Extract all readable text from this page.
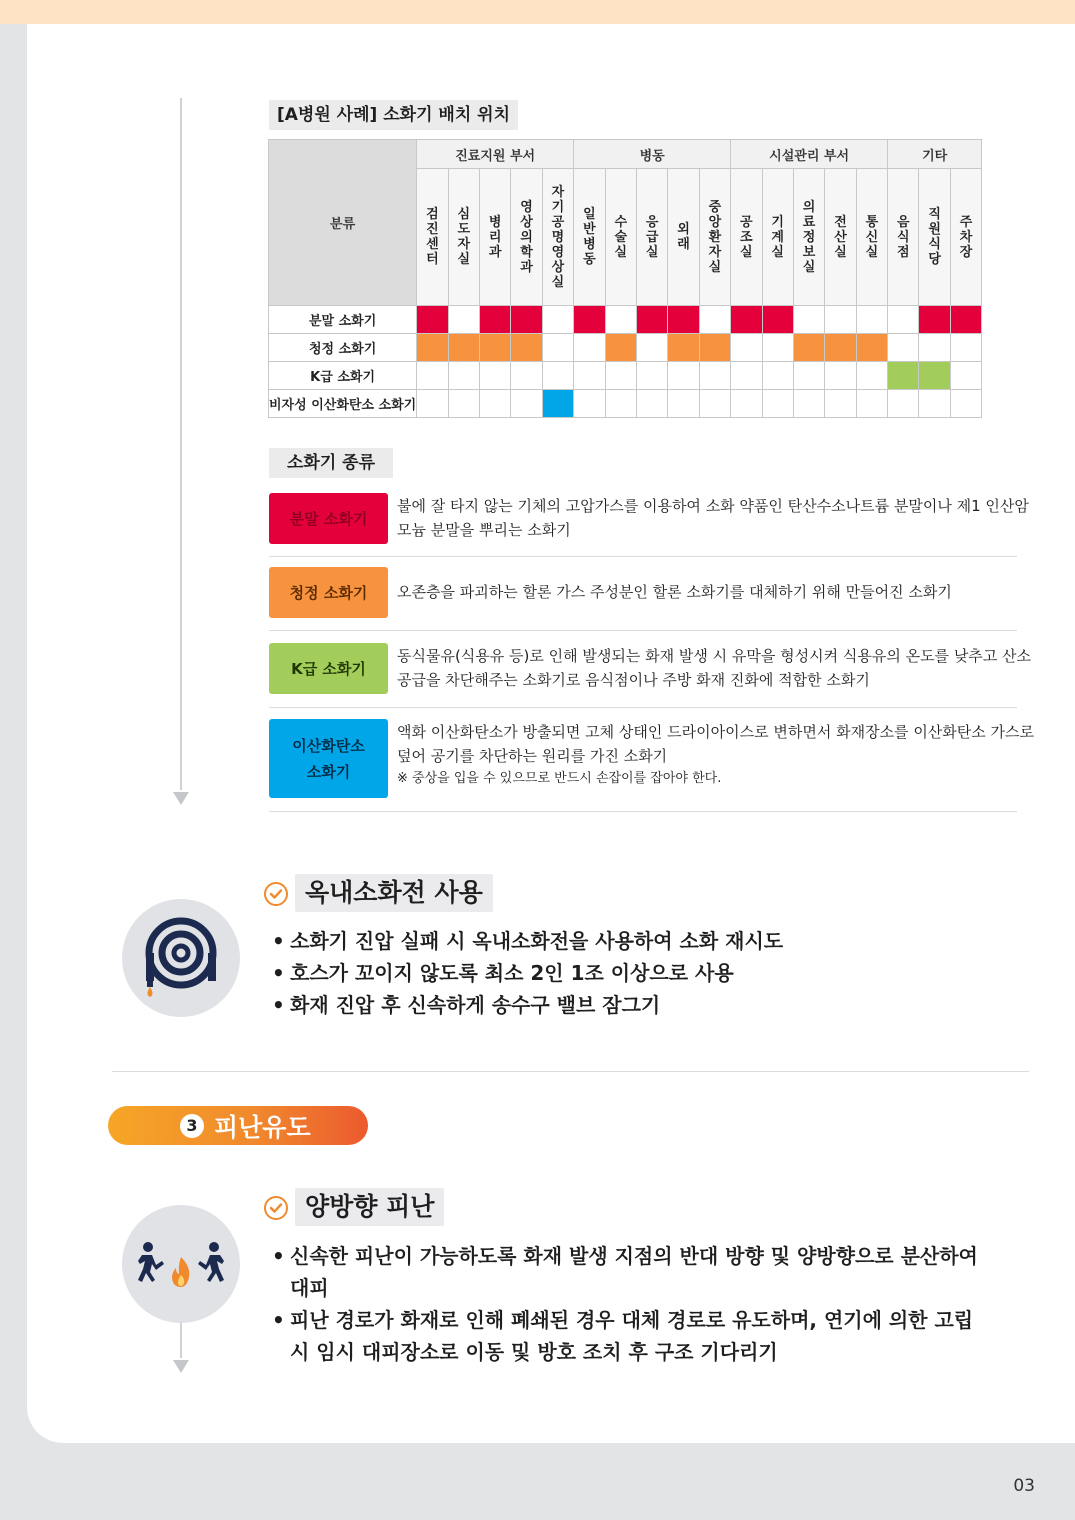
[A병원 사례] 소화기 배치 위치
분류	진료지원 부서					병동					시설관리 부서					기타		
	검진센터	심도자실	병리과	영상의학과	자기공명영상실	일반병동	수술실	응급실	외래	중앙환자실	공조실	기계실	의료정보실	전산실	통신실	음식점	직원식당	주차장
분말 소화기																		
청정 소화기																		
K급 소화기																		
비자성 이산화탄소 소화기																		
소화기 종류
분말 소화기
불에 잘 타지 않는 기체의 고압가스를 이용하여 소화 약품인 탄산수소나트륨 분말이나 제1 인산암모늄 분말을 뿌리는 소화기
청정 소화기 오존층을 파괴하는 할론 가스 주성분인 할론 소화기를 대체하기 위해 만들어진 소화기
K급 소화기
동식물유(식용유 등)로 인해 발생되는 화재 발생 시 유막을 형성시켜 식용유의 온도를 낮추고 산소 공급을 차단해주는 소화기로 음식점이나 주방 화재 진화에 적합한 소화기
이산화탄소 소화기
액화 이산화탄소가 방출되면 고체 상태인 드라이아이스로 변하면서 화재장소를 이산화탄소 가스로 덮어 공기를 차단하는 원리를 가진 소화기
※ 중상을 입을 수 있으므로 반드시 손잡이를 잡아야 한다.
옥내소화전 사용
• 소화기 진압 실패 시 옥내소화전을 사용하여 소화 재시도
• 호스가 꼬이지 않도록 최소 2인 1조 이상으로 사용
• 화재 진압 후 신속하게 송수구 밸브 잠그기
3 피난유도
양방향 피난
• 신속한 피난이 가능하도록 화재 발생 지점의 반대 방향 및 양방향으로 분산하여 대피
• 피난 경로가 화재로 인해 폐쇄된 경우 대체 경로로 유도하며, 연기에 의한 고립 시 임시 대피장소로 이동 및 방호 조치 후 구조 기다리기
03
